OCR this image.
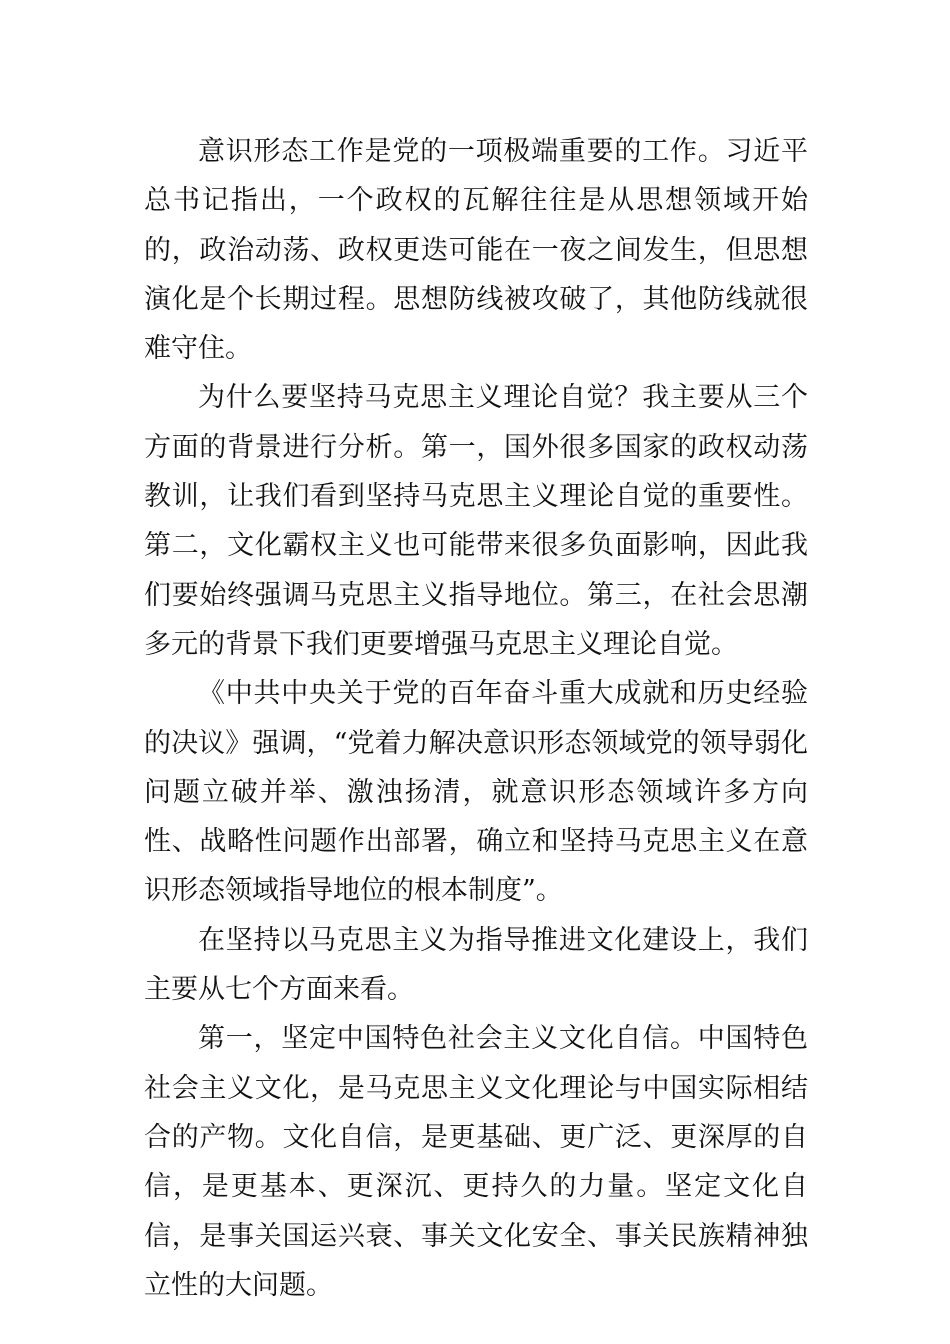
意识形态工作是党的一项极端重要的工作。习近平总书记指出，一个政权的瓦解往往是从思想领域开始的，政治动荡、政权更迭可能在一夜之间发生，但思想演化是个长期过程。思想防线被攻破了，其他防线就很难守住。

为什么要坚持马克思主义理论自觉？我主要从三个方面的背景进行分析。第一，国外很多国家的政权动荡教训，让我们看到坚持马克思主义理论自觉的重要性。第二，文化霸权主义也可能带来很多负面影响，因此我们要始终强调马克思主义指导地位。第三，在社会思潮多元的背景下我们更要增强马克思主义理论自觉。

《中共中央关于党的百年奋斗重大成就和历史经验的决议》强调，“党着力解决意识形态领域党的领导弱化问题立破并举、激浊扬清，就意识形态领域许多方向性、战略性问题作出部署，确立和坚持马克思主义在意识形态领域指导地位的根本制度”。

在坚持以马克思主义为指导推进文化建设上，我们主要从七个方面来看。

第一，坚定中国特色社会主义文化自信。中国特色社会主义文化，是马克思主义文化理论与中国实际相结合的产物。文化自信，是更基础、更广泛、更深厚的自信，是更基本、更深沉、更持久的力量。坚定文化自信，是事关国运兴衰、事关文化安全、事关民族精神独立性的大问题。
